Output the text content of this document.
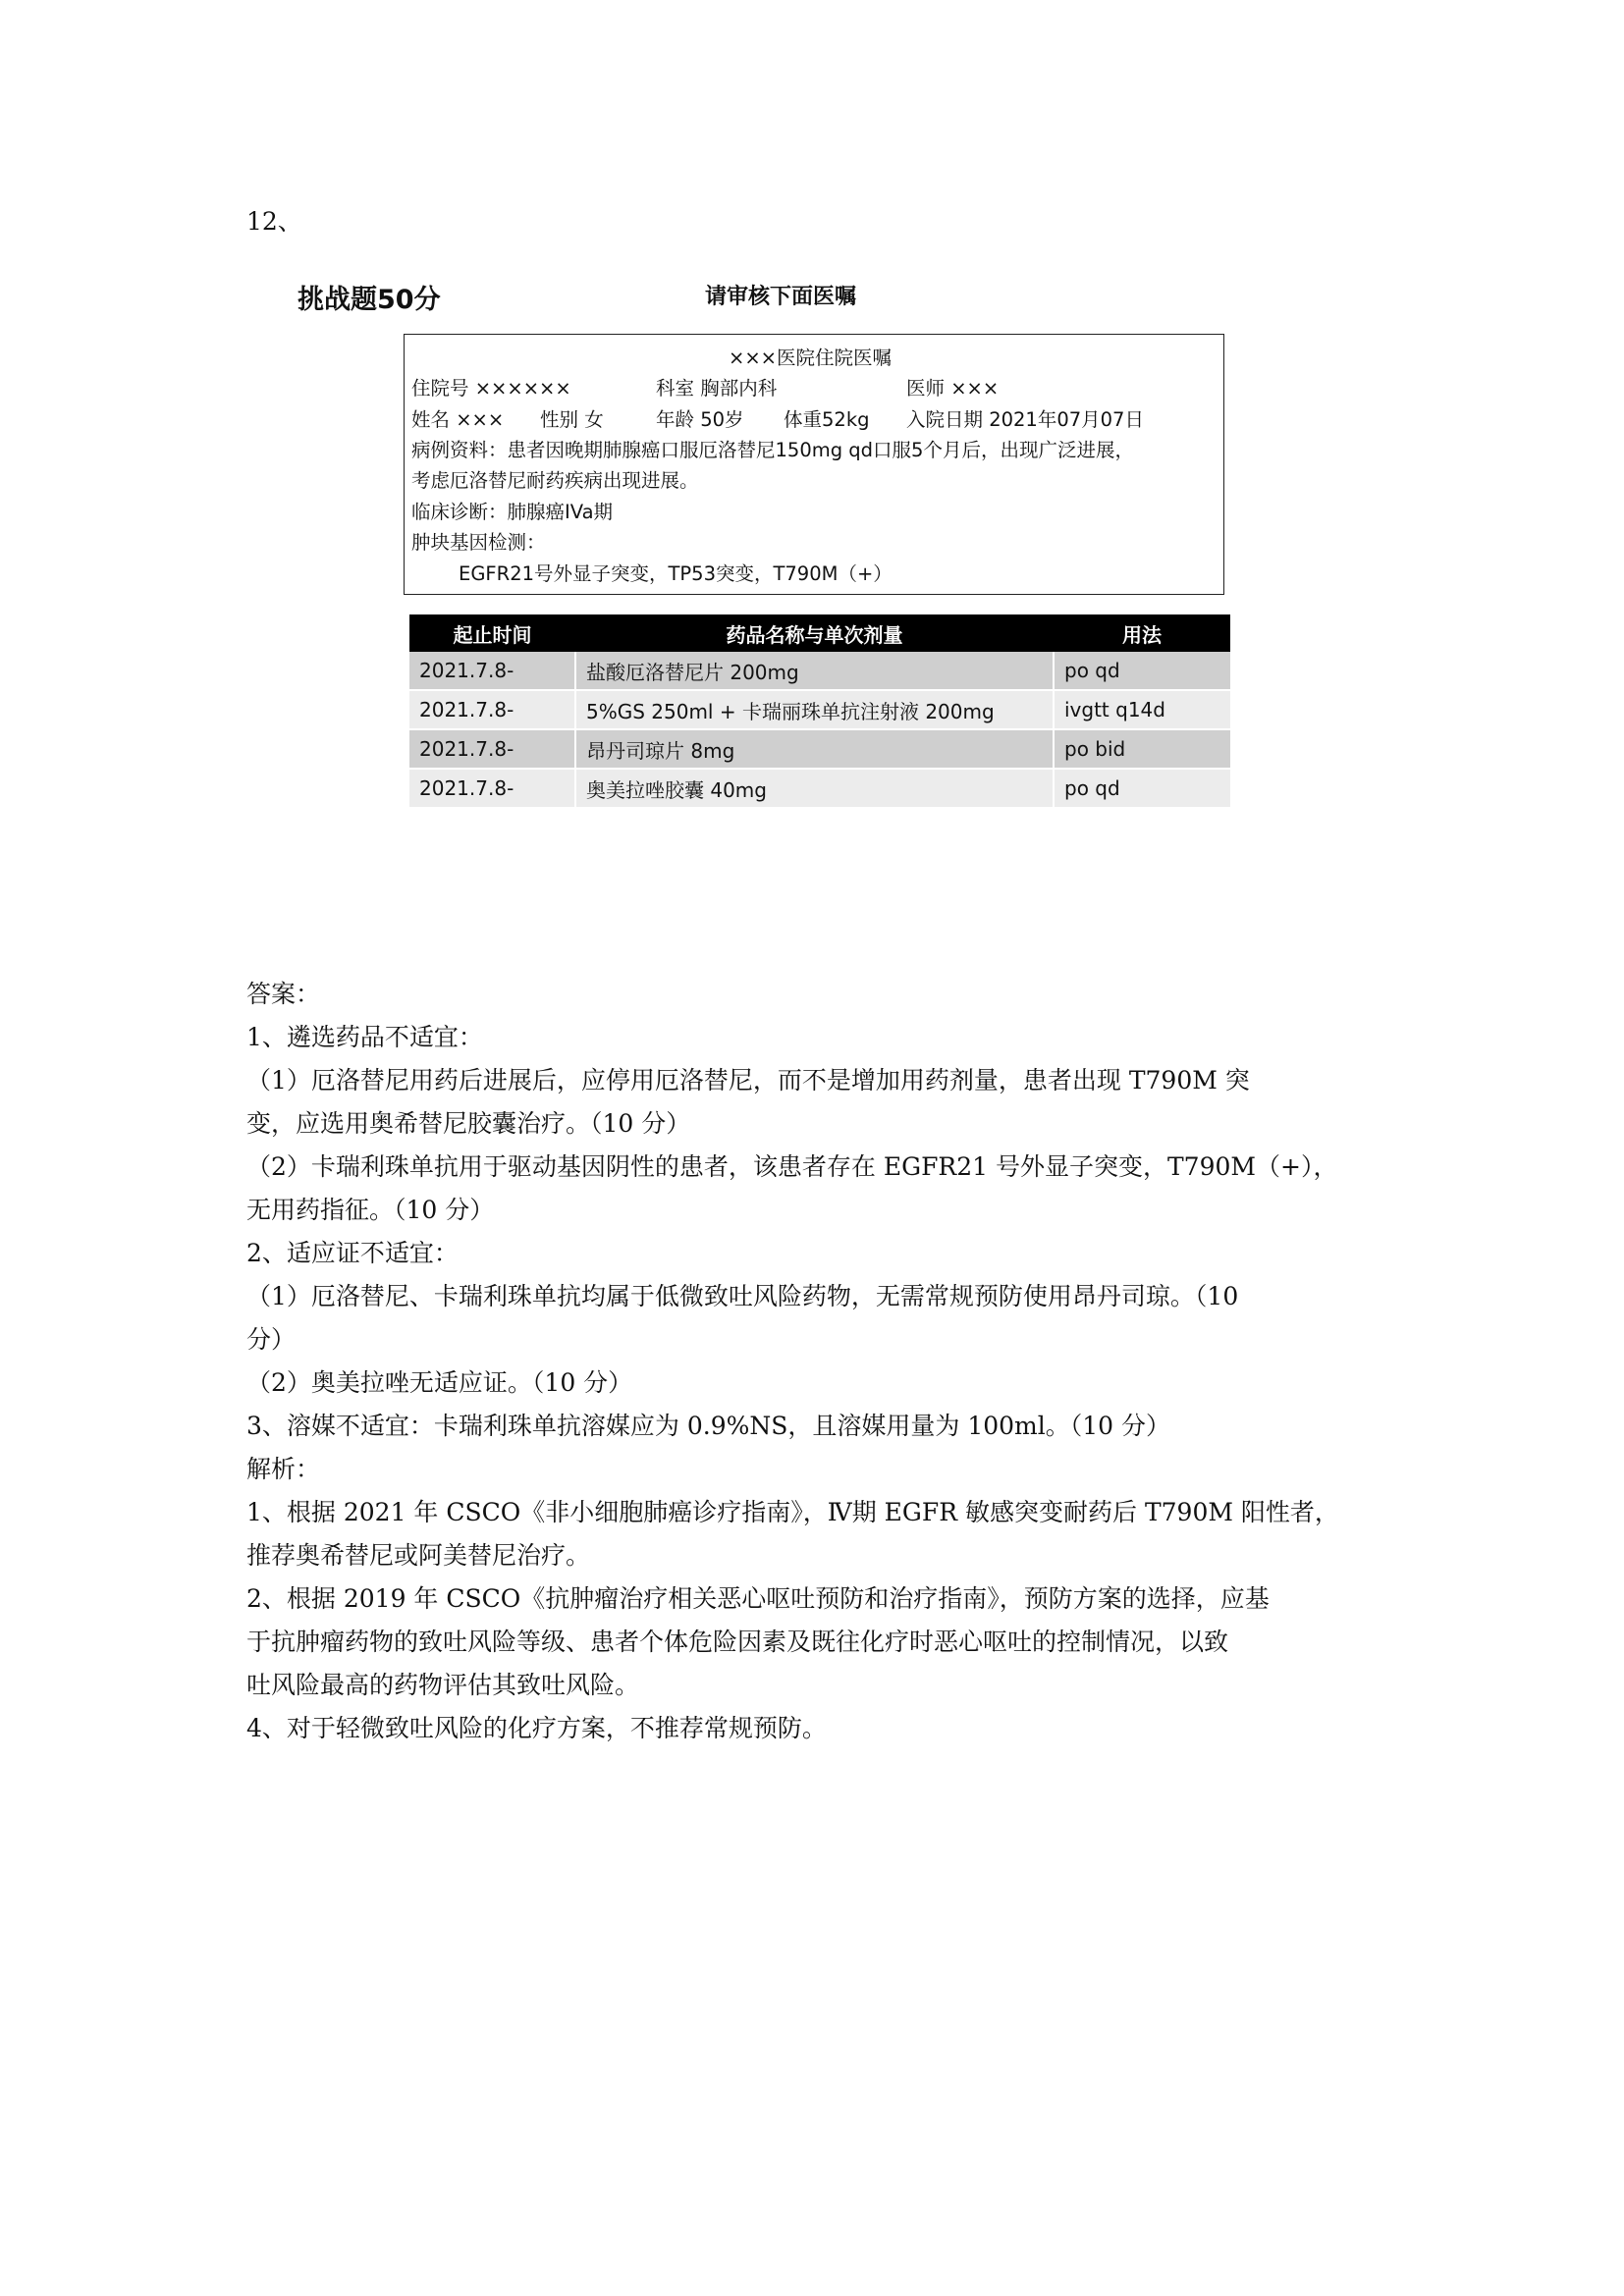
12、
挑战题50分	请审核下面医嘱
×××医院住院医嘱
住院号 ××××××	科室 胸部内科	医师 ×××
姓名 ××× 性别 女	年龄 50岁 体重52kg 入院日期 2021年07月07日
病例资料：患者因晚期肺腺癌口服厄洛替尼150mg qd口服5个月后，出现广泛进展，
考虑厄洛替尼耐药疾病出现进展。
临床诊断：肺腺癌IVa期
肿块基因检测：
EGFR21号外显子突变，TP53突变，T790M（+）
起止时间	药品名称与单次剂量	用法
2021.7.8-	盐酸厄洛替尼片 200mg	po qd
2021.7.8-	5%GS 250ml + 卡瑞丽珠单抗注射液 200mg	ivgtt q14d
2021.7.8-	昂丹司琼片 8mg	po bid
2021.7.8-	奥美拉唑胶囊 40mg	po qd
答案：
1、遴选药品不适宜：
（1）厄洛替尼用药后进展后，应停用厄洛替尼，而不是增加用药剂量，患者出现 T790M 突
变，应选用奥希替尼胶囊治疗。（10 分）
（2）卡瑞利珠单抗用于驱动基因阴性的患者，该患者存在 EGFR21 号外显子突变，T790M（+），
无用药指征。（10 分）
2、适应证不适宜：
（1）厄洛替尼、卡瑞利珠单抗均属于低微致吐风险药物，无需常规预防使用昂丹司琼。（10
分）
（2）奥美拉唑无适应证。（10 分）
3、溶媒不适宜：卡瑞利珠单抗溶媒应为 0.9%NS，且溶媒用量为 100ml。（10 分）
解析：
1、根据 2021 年 CSCO《非小细胞肺癌诊疗指南》，Ⅳ期 EGFR 敏感突变耐药后 T790M 阳性者，
推荐奥希替尼或阿美替尼治疗。
2、根据 2019 年 CSCO《抗肿瘤治疗相关恶心呕吐预防和治疗指南》，预防方案的选择，应基
于抗肿瘤药物的致吐风险等级、患者个体危险因素及既往化疗时恶心呕吐的控制情况，以致
吐风险最高的药物评估其致吐风险。
4、对于轻微致吐风险的化疗方案，不推荐常规预防。
